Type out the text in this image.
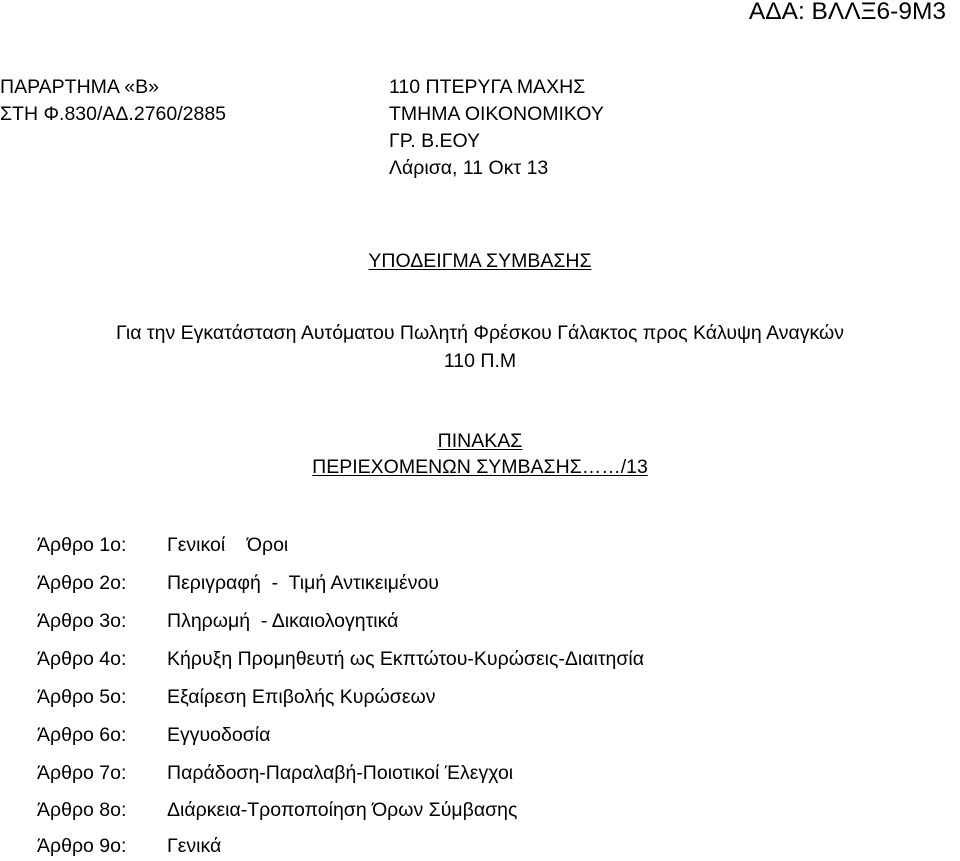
ΑΔΑ: ΒΛΛΞ6-9Μ3
ΠΑΡΑΡΤΗΜΑ «Β»
ΣΤΗ Φ.830/ΑΔ.2760/2885
110 ΠΤΕΡΥΓΑ ΜΑΧΗΣ
ΤΜΗΜΑ ΟΙΚΟΝΟΜΙΚΟΥ
ΓΡ. Β.ΕΟΥ
Λάρισα, 11 Οκτ 13
ΥΠΟΔΕΙΓΜΑ ΣΥΜΒΑΣΗΣ
Για την Εγκατάσταση Αυτόματου Πωλητή Φρέσκου Γάλακτος προς Κάλυψη Αναγκών
110 Π.Μ
ΠΙΝΑΚΑΣ
ΠΕΡΙΕΧΟΜΕΝΩΝ ΣΥΜΒΑΣΗΣ……/13
Άρθρο 1ο: Γενικοί    Όροι
Άρθρο 2ο: Περιγραφή  -  Τιμή Αντικειμένου
Άρθρο 3ο: Πληρωμή  - Δικαιολογητικά
Άρθρο 4ο: Κήρυξη Προμηθευτή ως Εκπτώτου-Κυρώσεις-Διαιτησία
Άρθρο 5ο: Εξαίρεση Επιβολής Κυρώσεων
Άρθρο 6ο: Εγγυοδοσία
Άρθρο 7ο: Παράδοση-Παραλαβή-Ποιοτικοί Έλεγχοι
Άρθρο 8ο: Διάρκεια-Τροποποίηση Όρων Σύμβασης
Άρθρο 9ο: Γενικά
